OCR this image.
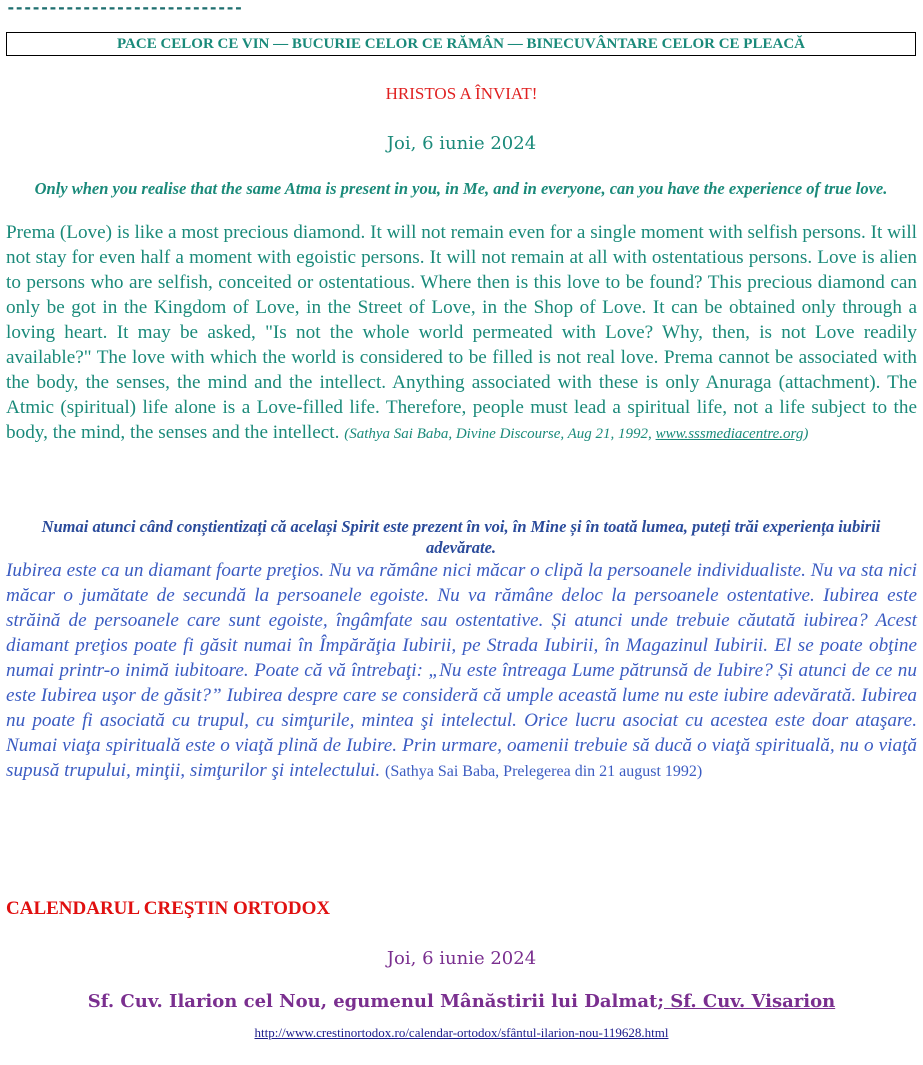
----------------------------
PACE CELOR CE VIN — BUCURIE CELOR CE RĂMÂN — BINECUVÂNTARE CELOR CE PLEACĂ
HRISTOS A ÎNVIAT!
Joi, 6 iunie 2024
Only when you realise that the same Atma is present in you, in Me, and in everyone, can you have the experience of true love.
Prema (Love) is like a most precious diamond. It will not remain even for a single moment with selfish persons. It will not stay for even half a moment with egoistic persons. It will not remain at all with ostentatious persons. Love is alien to persons who are selfish, conceited or ostentatious. Where then is this love to be found? This precious diamond can only be got in the Kingdom of Love, in the Street of Love, in the Shop of Love. It can be obtained only through a loving heart. It may be asked, "Is not the whole world permeated with Love? Why, then, is not Love readily available?" The love with which the world is considered to be filled is not real love. Prema cannot be associated with the body, the senses, the mind and the intellect. Anything associated with these is only Anuraga (attachment). The Atmic (spiritual) life alone is a Love-filled life. Therefore, people must lead a spiritual life, not a life subject to the body, the mind, the senses and the intellect. (Sathya Sai Baba, Divine Discourse, Aug 21, 1992, www.sssmediacentre.org)
Numai atunci când conștientizați că același Spirit este prezent în voi, în Mine și în toată lumea, puteți trăi experiența iubirii adevărate.
Iubirea este ca un diamant foarte preţios. Nu va rămâne nici măcar o clipă la persoanele individualiste. Nu va sta nici măcar o jumătate de secundă la persoanele egoiste. Nu va rămâne deloc la persoanele ostentative. Iubirea este străină de persoanele care sunt egoiste, îngâmfate sau ostentative. Și atunci unde trebuie căutată iubirea? Acest diamant preţios poate fi găsit numai în Împărăţia Iubirii, pe Strada Iubirii, în Magazinul Iubirii. El se poate obţine numai printr-o inimă iubitoare. Poate că vă întrebaţi: „Nu este întreaga Lume pătrunsă de Iubire? Și atunci de ce nu este Iubirea uşor de găsit?” Iubirea despre care se consideră că umple această lume nu este iubire adevărată. Iubirea nu poate fi asociată cu trupul, cu simţurile, mintea şi intelectul. Orice lucru asociat cu acestea este doar ataşare. Numai viaţa spirituală este o viaţă plină de Iubire. Prin urmare, oamenii trebuie să ducă o viaţă spirituală, nu o viaţă supusă trupului, minţii, simţurilor şi intelectului. (Sathya Sai Baba, Prelegerea din 21 august 1992)
CALENDARUL CREŞTIN ORTODOX
Joi, 6 iunie 2024
Sf. Cuv. Ilarion cel Nou, egumenul Mânăstirii lui Dalmat; Sf. Cuv. Visarion
http://www.crestinortodox.ro/calendar-ortodox/sfântul-ilarion-nou-119628.html
